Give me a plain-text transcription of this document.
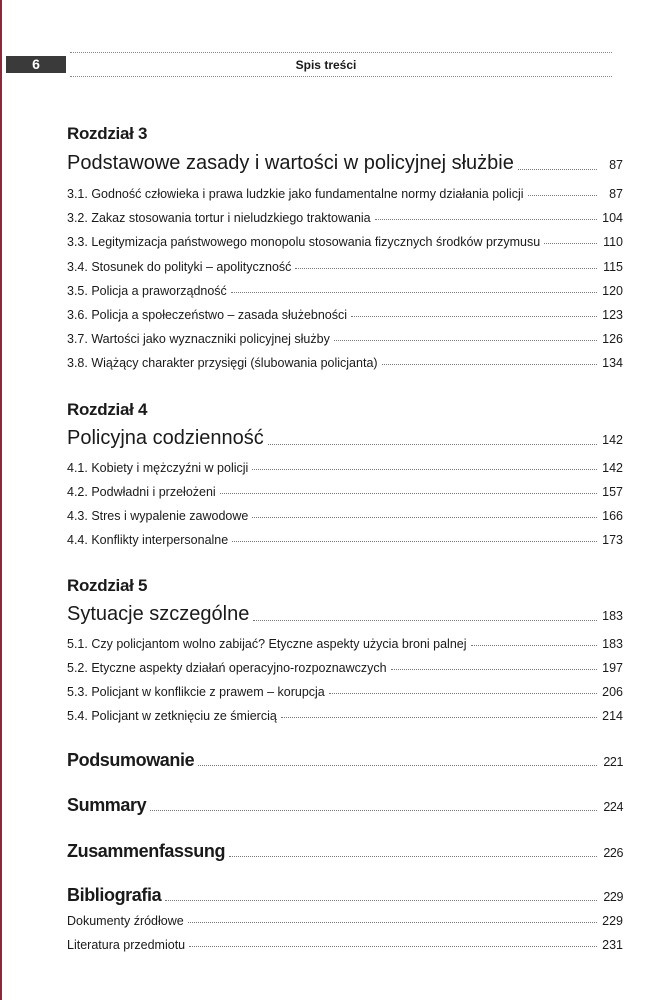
6	Spis treści
Rozdział 3
Podstawowe zasady i wartości w policyjnej służbie	87
3.1. Godność człowieka i prawa ludzkie jako fundamentalne normy działania policji	87
3.2. Zakaz stosowania tortur i nieludzkiego traktowania	104
3.3. Legitymizacja państwowego monopolu stosowania fizycznych środków przymusu	110
3.4. Stosunek do polityki – apolityczność	115
3.5. Policja a praworządność	120
3.6. Policja a społeczeństwo – zasada służebności	123
3.7. Wartości jako wyznaczniki policyjnej służby	126
3.8. Wiążący charakter przysięgi (ślubowania policjanta)	134
Rozdział 4
Policyjna codzienność	142
4.1. Kobiety i mężczyźni w policji	142
4.2. Podwładni i przełożeni	157
4.3. Stres i wypalenie zawodowe	166
4.4. Konflikty interpersonalne	173
Rozdział 5
Sytuacje szczególne	183
5.1. Czy policjantom wolno zabijać? Etyczne aspekty użycia broni palnej	183
5.2. Etyczne aspekty działań operacyjno-rozpoznawczych	197
5.3. Policjant w konflikcie z prawem – korupcja	206
5.4. Policjant w zetknięciu ze śmiercią	214
Podsumowanie	221
Summary	224
Zusammenfassung	226
Bibliografia	229
Dokumenty źródłowe	229
Literatura przedmiotu	231
